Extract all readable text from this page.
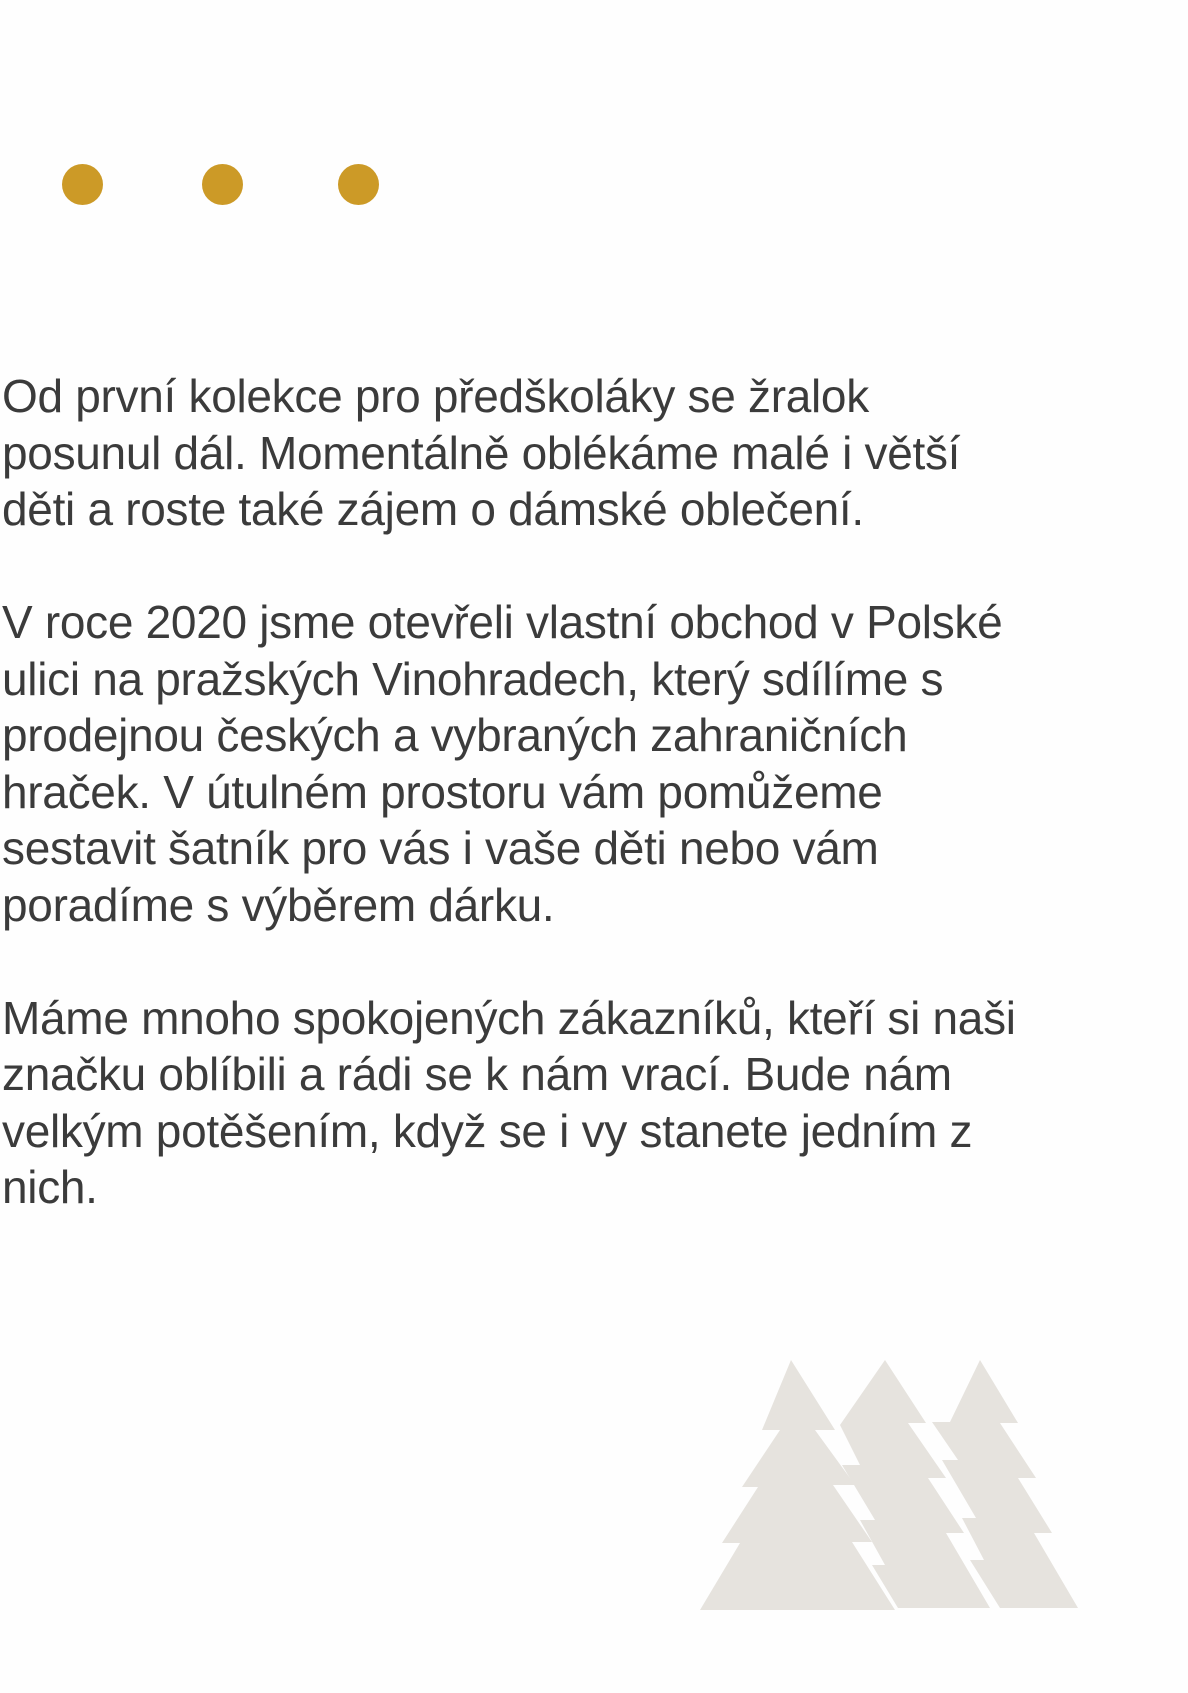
Od první kolekce pro předškoláky se žralok
posunul dál. Momentálně oblékáme malé i větší
děti a roste také zájem o dámské oblečení.

V roce 2020 jsme otevřeli vlastní obchod v Polské
ulici na pražských Vinohradech, který sdílíme s
prodejnou českých a vybraných zahraničních
hraček. V útulném prostoru vám pomůžeme
sestavit šatník pro vás i vaše děti nebo vám
poradíme s výběrem dárku.

Máme mnoho spokojených zákazníků, kteří si naši
značku oblíbili a rádi se k nám vrací. Bude nám
velkým potěšením, když se i vy stanete jedním z
nich.
